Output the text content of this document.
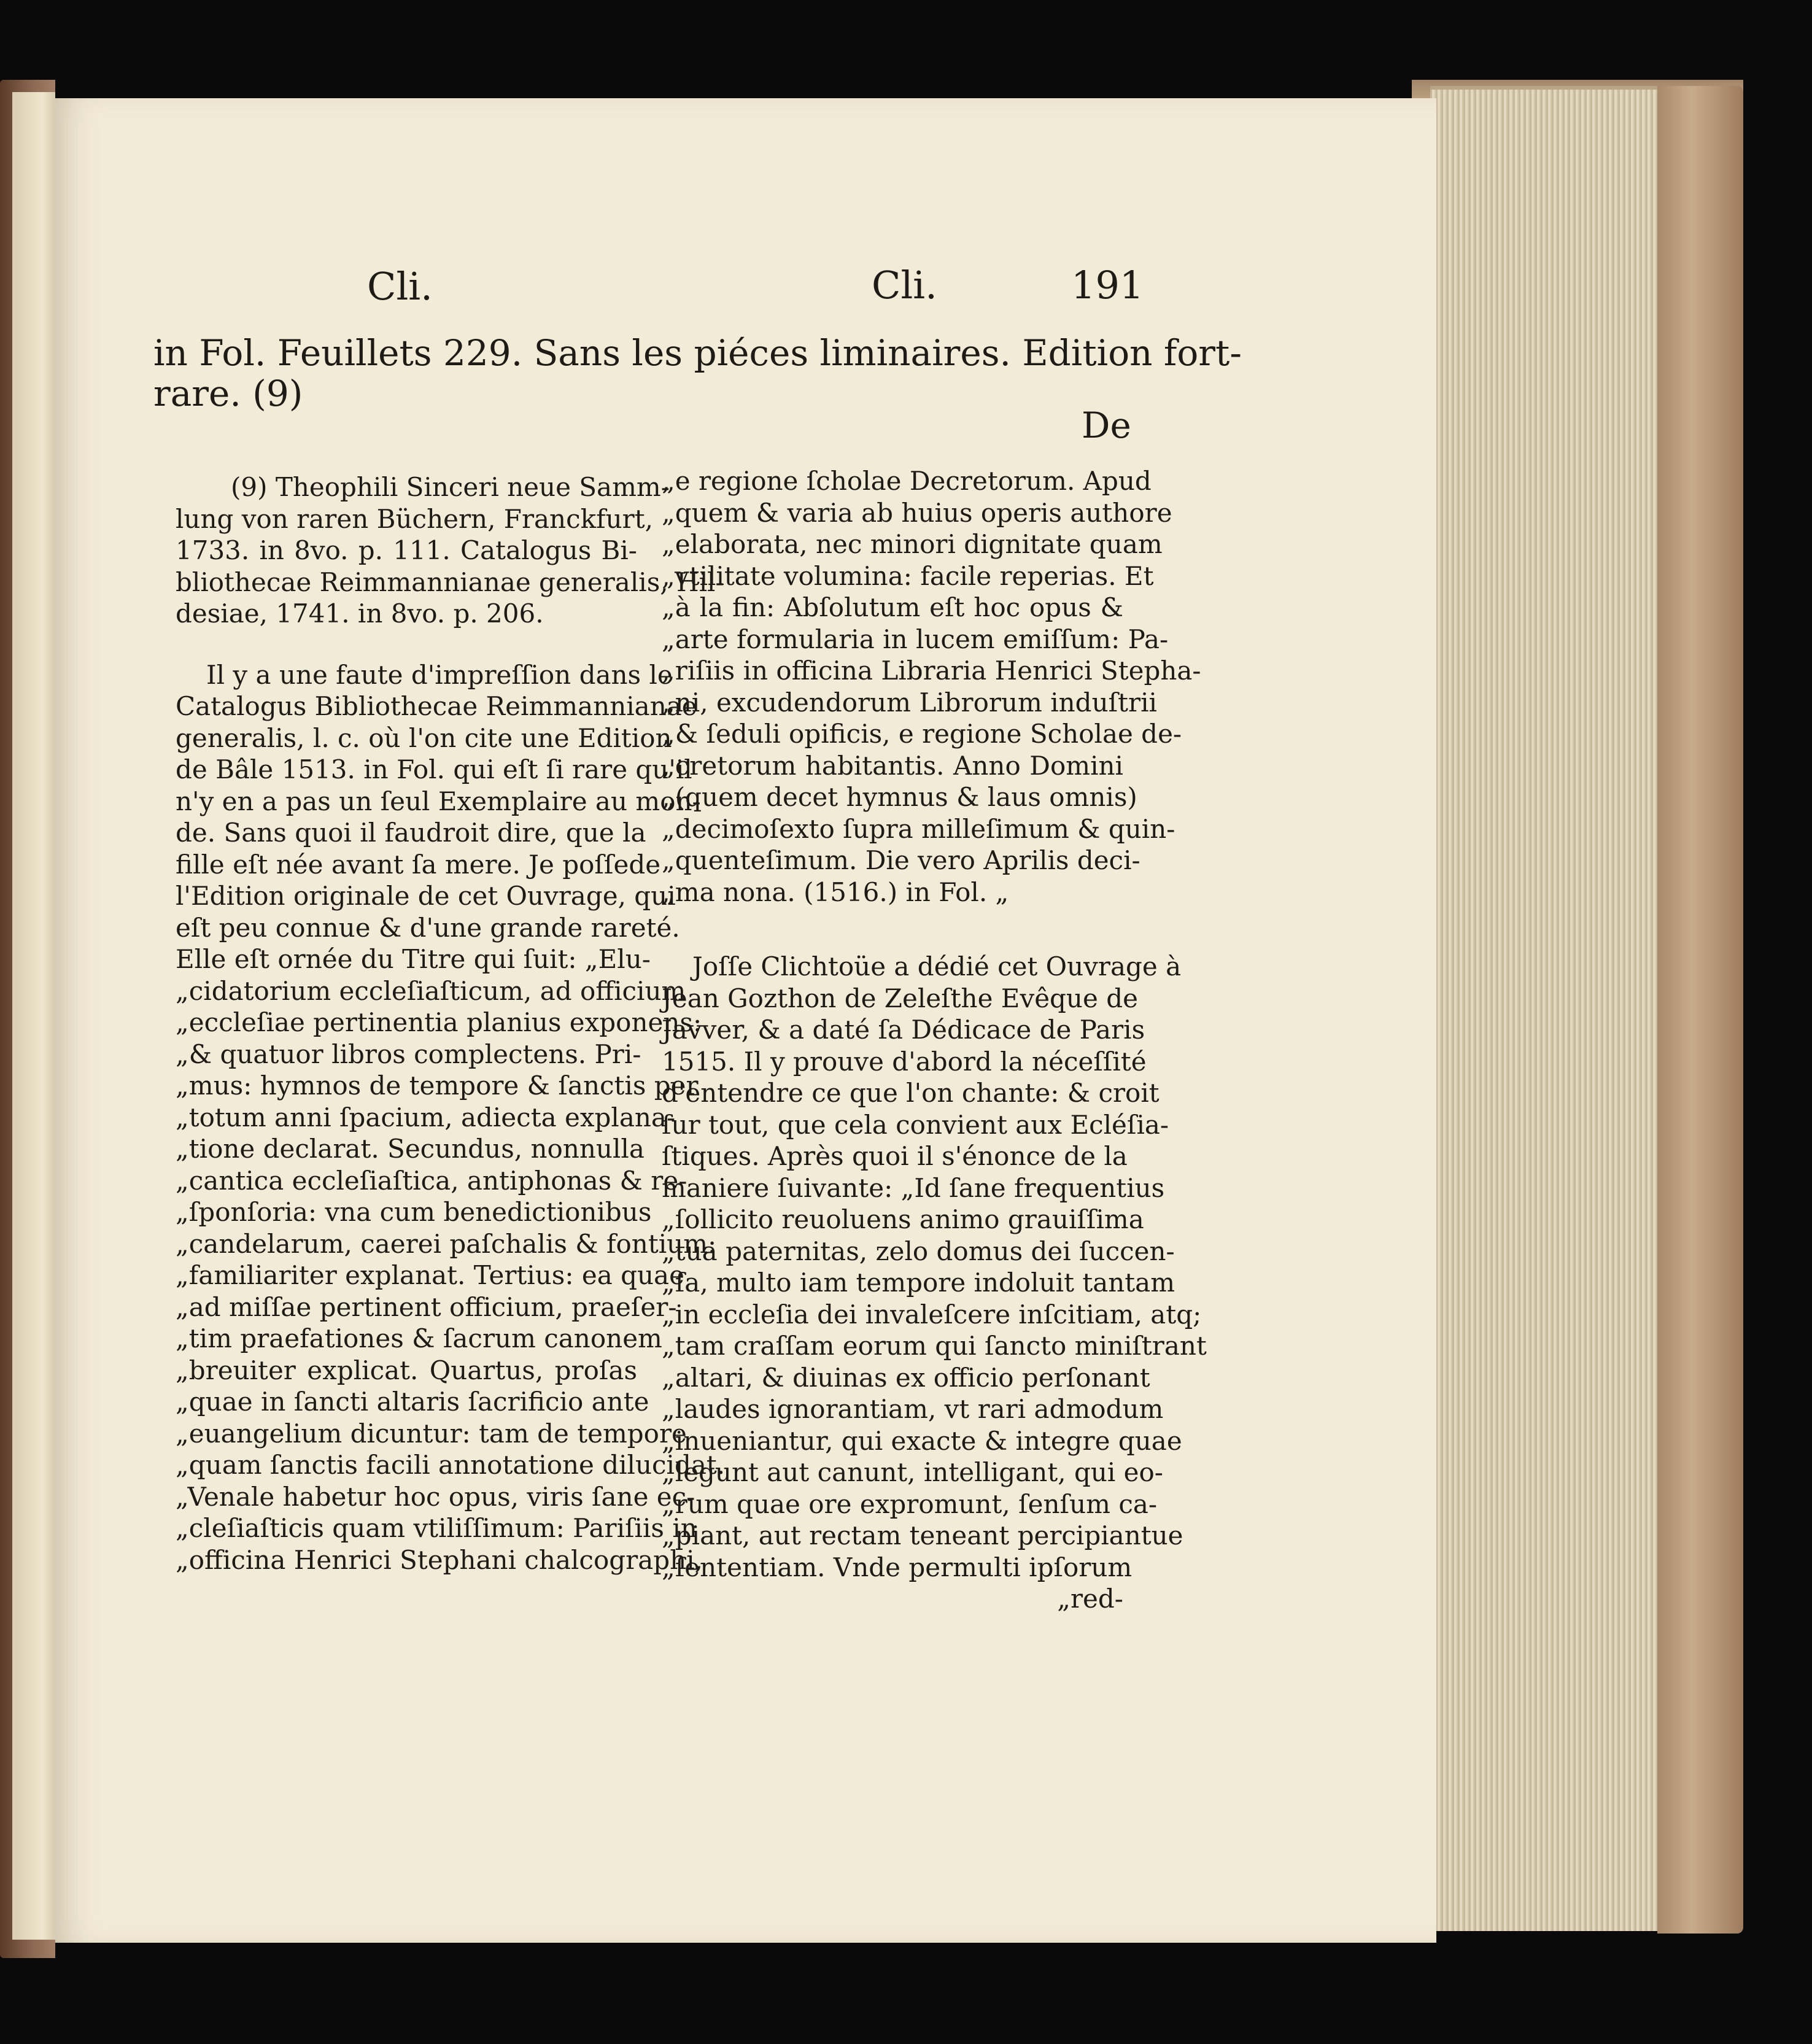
Cli.	Cli.	191
in Fol. Feuillets 229. Sans les piéces liminaires. Edition fort-
rare. (9)
De
(9) Theophili Sinceri neue Samm-
lung von raren Büchern, Franckfurt,
1733. in 8vo. p. 111. Catalogus Bi-
bliothecae Reimmannianae generalis, Hil-
desiae, 1741. in 8vo. p. 206.
Il y a une faute d'impreſſion dans le
Catalogus Bibliothecae Reimmannianae
generalis, l. c. où l'on cite une Edition
de Bâle 1513. in Fol. qui eſt ſi rare qu'il
n'y en a pas un ſeul Exemplaire au mon-
de. Sans quoi il faudroit dire, que la
fille eſt née avant ſa mere. Je poſſede
l'Edition originale de cet Ouvrage, qui
eſt peu connue & d'une grande rareté.
Elle eſt ornée du Titre qui ſuit: „Elu-
„cidatorium eccleſiaſticum, ad officium
„eccleſiae pertinentia planius exponens:
„& quatuor libros complectens. Pri-
„mus: hymnos de tempore & ſanctis per
„totum anni ſpacium, adiecta explana-
„tione declarat. Secundus, nonnulla
„cantica eccleſiaſtica, antiphonas & re-
„ſponſoria: vna cum benedictionibus
„candelarum, caerei paſchalis & fontium:
„familiariter explanat. Tertius: ea quae
„ad miſſae pertinent officium, praeſer-
„tim praefationes & ſacrum canonem
„breuiter explicat. Quartus, proſas
„quae in ſancti altaris ſacrificio ante
„euangelium dicuntur: tam de tempore
„quam ſanctis facili annotatione dilucidat.
„Venale habetur hoc opus, viris ſane ec-
„cleſiaſticis quam vtiliſſimum: Pariſiis in
„officina Henrici Stephani chalcographi,
„e regione ſcholae Decretorum. Apud
„quem & varia ab huius operis authore
„elaborata, nec minori dignitate quam
„vtilitate volumina: facile reperias. Et
„à la fin: Abſolutum eſt hoc opus &
„arte formularia in lucem emiſſum: Pa-
„riſiis in officina Libraria Henrici Stepha-
„ni, excudendorum Librorum induſtrii
„& ſeduli opificis, e regione Scholae de-
„cretorum habitantis. Anno Domini
„(quem decet hymnus & laus omnis)
„decimoſexto ſupra milleſimum & quin-
„quenteſimum. Die vero Aprilis deci-
„ma nona. (1516.) in Fol. „
Joſſe Clichtoüe a dédié cet Ouvrage à
Jean Gozthon de Zeleſthe Evêque de
Javver, & a daté ſa Dédicace de Paris
1515. Il y prouve d'abord la néceſſité
d'entendre ce que l'on chante: & croit
ſur tout, que cela convient aux Ecléſia-
ſtiques. Après quoi il s'énonce de la
maniere ſuivante: „Id ſane frequentius
„ſollicito reuoluens animo grauiſſima
„tua paternitas, zelo domus dei ſuccen-
„ſa, multo iam tempore indoluit tantam
„in eccleſia dei invaleſcere inſcitiam, atq;
„tam craſſam eorum qui ſancto miniſtrant
„altari, & diuinas ex officio perſonant
„laudes ignorantiam, vt rari admodum
„inueniantur, qui exacte & integre quae
„legunt aut canunt, intelligant, qui eo-
„rum quae ore expromunt, ſenſum ca-
„piant, aut rectam teneant percipiantue
„ſententiam. Vnde permulti ipſorum
„red-
